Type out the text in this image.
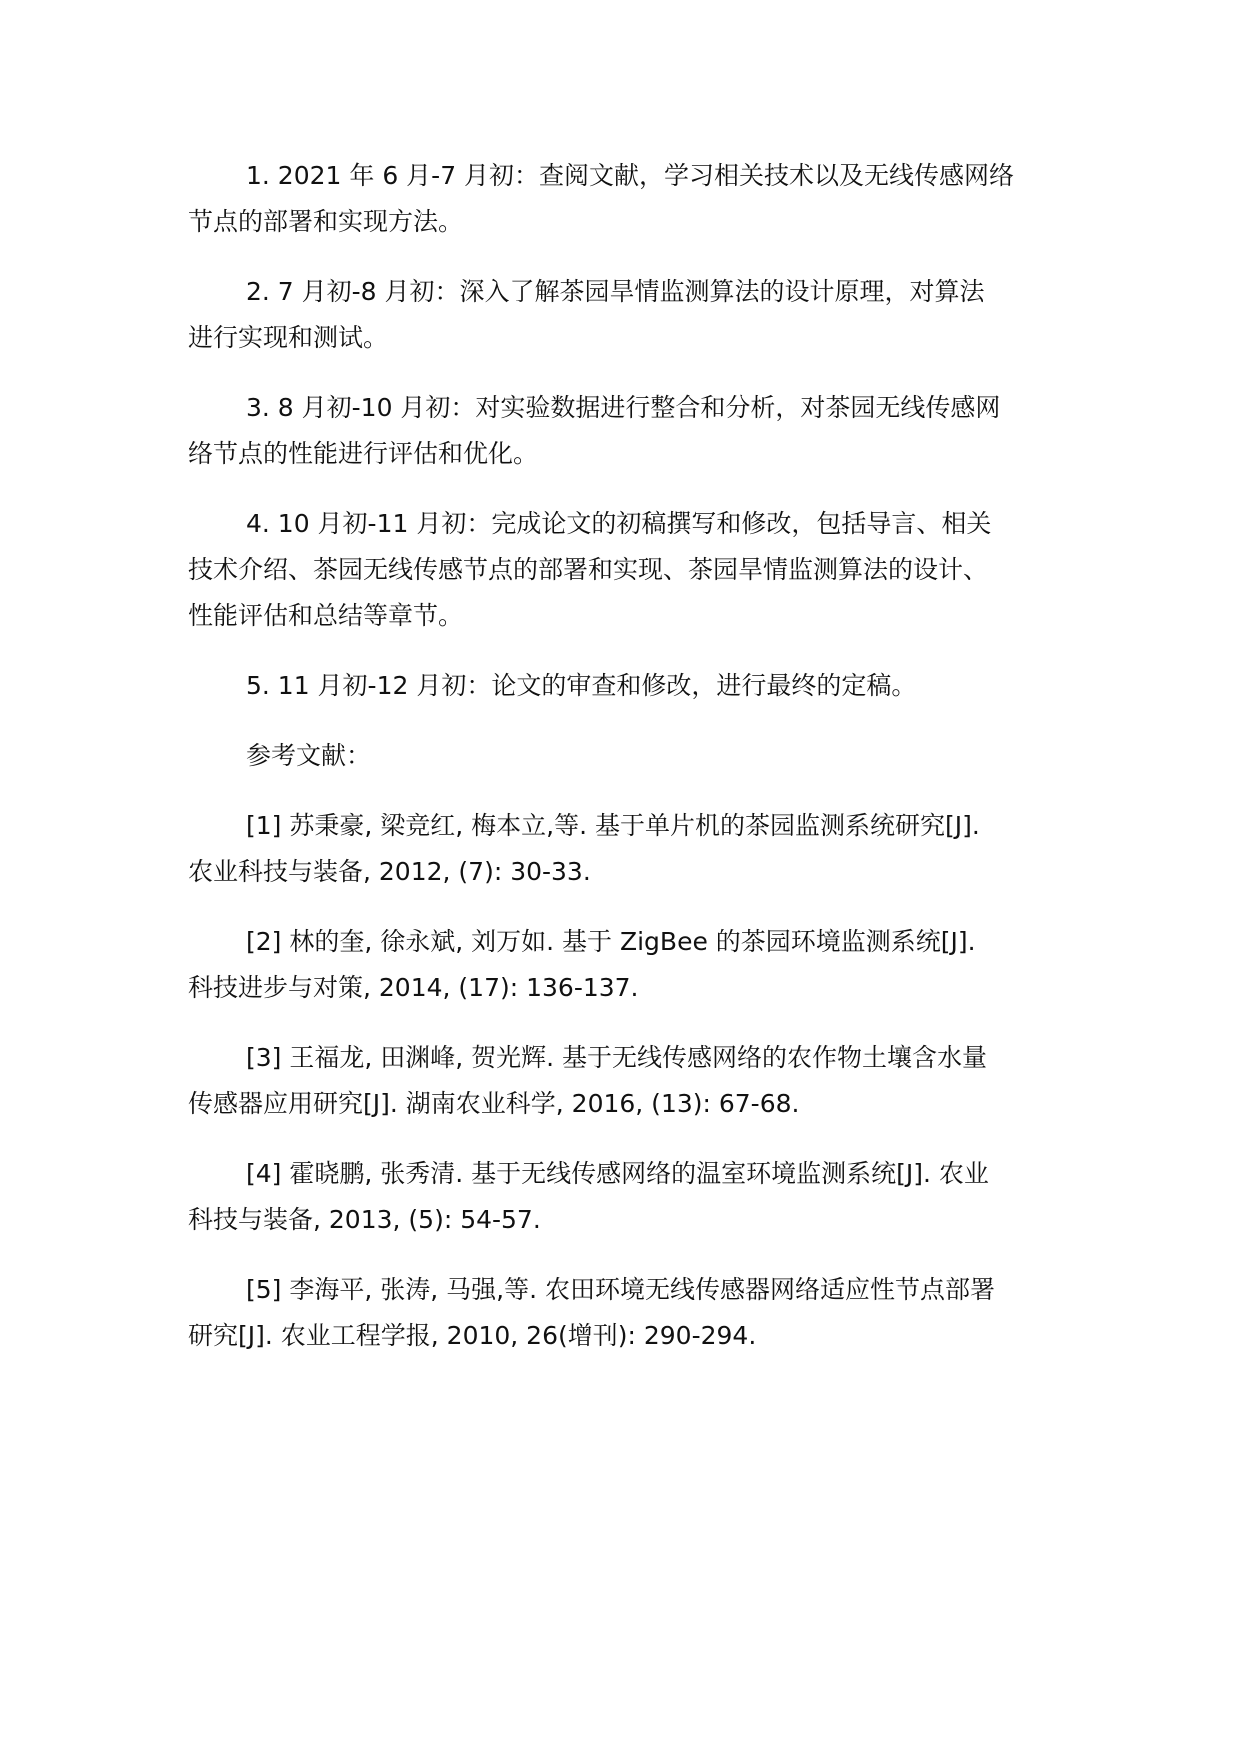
1. 2021 年 6 月-7 月初：查阅文献，学习相关技术以及无线传感网络
节点的部署和实现方法。

2. 7 月初-8 月初：深入了解茶园旱情监测算法的设计原理，对算法
进行实现和测试。

3. 8 月初-10 月初：对实验数据进行整合和分析，对茶园无线传感网
络节点的性能进行评估和优化。

4. 10 月初-11 月初：完成论文的初稿撰写和修改，包括导言、相关
技术介绍、茶园无线传感节点的部署和实现、茶园旱情监测算法的设计、
性能评估和总结等章节。

5. 11 月初-12 月初：论文的审查和修改，进行最终的定稿。

参考文献：

[1] 苏秉豪, 梁竞红, 梅本立,等. 基于单片机的茶园监测系统研究[J].
农业科技与装备, 2012, (7): 30-33.

[2] 林的奎, 徐永斌, 刘万如. 基于 ZigBee 的茶园环境监测系统[J].
科技进步与对策, 2014, (17): 136-137.

[3] 王福龙, 田渊峰, 贺光辉. 基于无线传感网络的农作物土壤含水量
传感器应用研究[J]. 湖南农业科学, 2016, (13): 67-68.

[4] 霍晓鹏, 张秀清. 基于无线传感网络的温室环境监测系统[J]. 农业
科技与装备, 2013, (5): 54-57.

[5] 李海平, 张涛, 马强,等. 农田环境无线传感器网络适应性节点部署
研究[J]. 农业工程学报, 2010, 26(增刊): 290-294.
